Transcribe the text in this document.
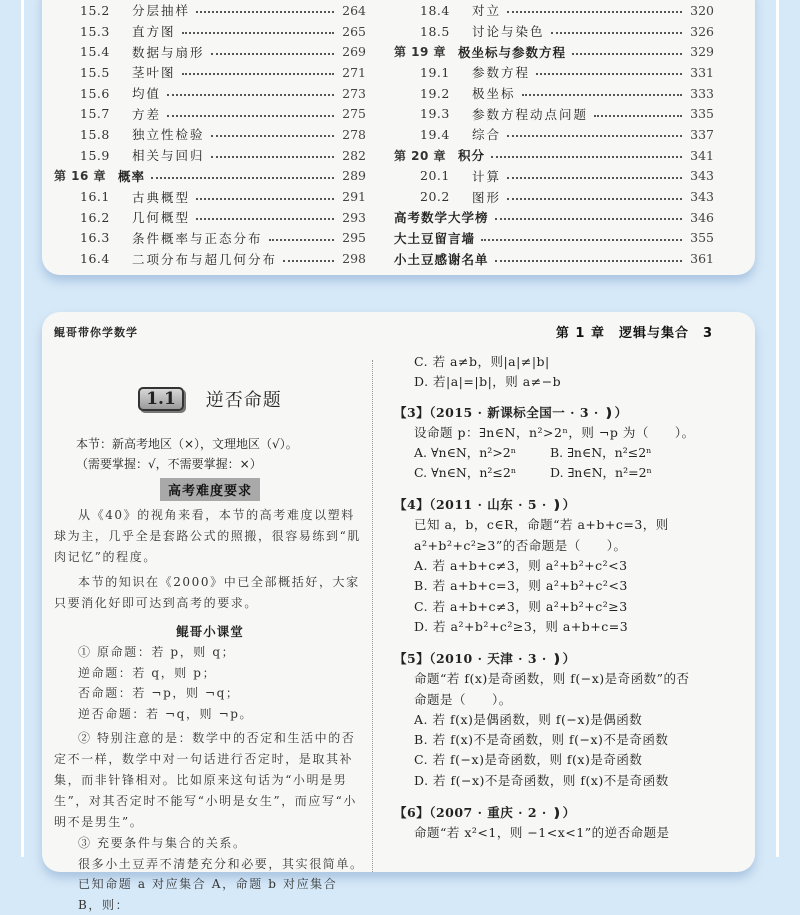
15.2	分层抽样	264
15.3	直方图	265
15.4	数据与扇形	269
15.5	茎叶图	271
15.6	均值	273
15.7	方差	275
15.8	独立性检验	278
15.9	相关与回归	282
第 16 章 概率	289
16.1	古典概型	291
16.2	几何概型	293
16.3	条件概率与正态分布	295
16.4	二项分布与超几何分布	298
18.4	对立	320
18.5	讨论与染色	326
第 19 章 极坐标与参数方程	329
19.1	参数方程	331
19.2	极坐标	333
19.3	参数方程动点问题	335
19.4	综合	337
第 20 章 积分	341
20.1	计算	343
20.2	图形	343
高考数学大学榜	346
大土豆留言墙	355
小土豆感谢名单	361
鲲哥带你学数学	第 1 章　逻辑与集合　3
1.1	逆否命题
本节：新高考地区（×），文理地区（√）。
（需要掌握：√，不需要掌握：×）
高考难度要求

从《40》的视角来看，本节的高考难度以塑料球为主，几乎全是套路公式的照搬，很容易练到“肌肉记忆”的程度。

本节的知识在《2000》中已全部概括好，大家只要消化好即可达到高考的要求。

鲲哥小课堂
① 原命题：若 p，则 q；
逆命题：若 q，则 p；
否命题：若 ¬p，则 ¬q；
逆否命题：若 ¬q，则 ¬p。

② 特别注意的是：数学中的否定和生活中的否定不一样，数学中对一句话进行否定时，是取其补集，而非针锋相对。比如原来这句话为“小明是男生”，对其否定时不能写“小明是女生”，而应写“小明不是男生”。

③ 充要条件与集合的关系。
很多小土豆弄不清楚充分和必要，其实很简单。
已知命题 a 对应集合 A，命题 b 对应集合 B，则：
C. 若 a≠b，则|a|≠|b|
D. 若|a|=|b|，则 a≠−b
【3】（2015 · 新课标全国一 · 3 · ❫）
设命题 p：∃n∈N，n²>2ⁿ，则 ¬p 为（　　）。
A. ∀n∈N，n²>2ⁿ	B. ∃n∈N，n²≤2ⁿ
C. ∀n∈N，n²≤2ⁿ	D. ∃n∈N，n²=2ⁿ
【4】（2011 · 山东 · 5 · ❫）
已知 a，b，c∈R，命题“若 a+b+c=3，则
a²+b²+c²≥3”的否命题是（　　）。
A. 若 a+b+c≠3，则 a²+b²+c²<3
B. 若 a+b+c=3，则 a²+b²+c²<3
C. 若 a+b+c≠3，则 a²+b²+c²≥3
D. 若 a²+b²+c²≥3，则 a+b+c=3
【5】（2010 · 天津 · 3 · ❫）
命题“若 f(x)是奇函数，则 f(−x)是奇函数”的否
命题是（　　）。
A. 若 f(x)是偶函数，则 f(−x)是偶函数
B. 若 f(x)不是奇函数，则 f(−x)不是奇函数
C. 若 f(−x)是奇函数，则 f(x)是奇函数
D. 若 f(−x)不是奇函数，则 f(x)不是奇函数
【6】（2007 · 重庆 · 2 · ❫）
命题“若 x²<1，则 −1<x<1”的逆否命题是
